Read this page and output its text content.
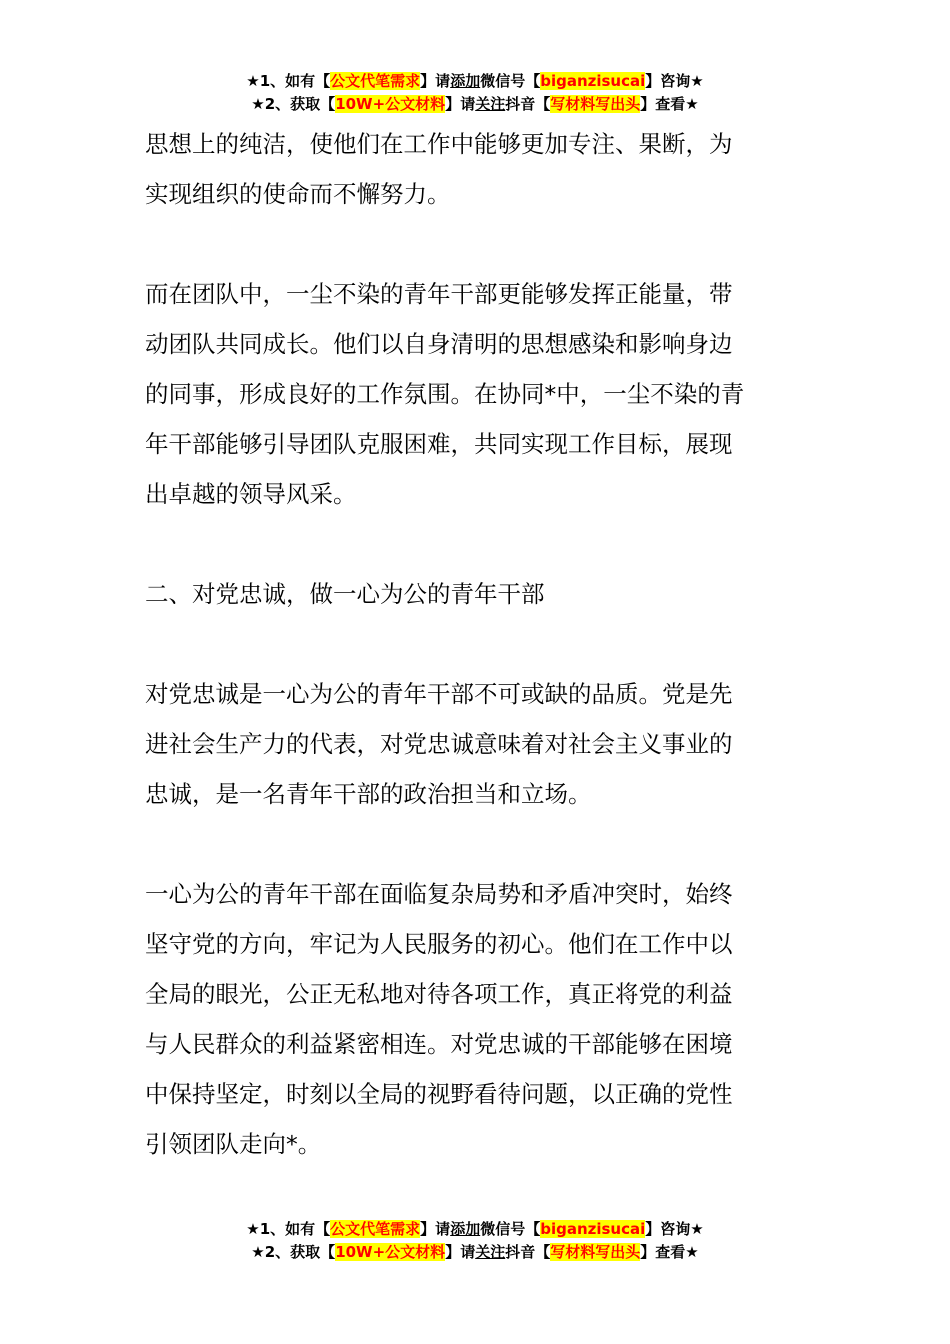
★1、如有【公文代笔需求】请添加微信号【biganzisucai】咨询★
★2、获取【10W+公文材料】请关注抖音【写材料写出头】查看★
思想上的纯洁，使他们在工作中能够更加专注、果断，为
实现组织的使命而不懈努力。
而在团队中，一尘不染的青年干部更能够发挥正能量，带
动团队共同成长。他们以自身清明的思想感染和影响身边
的同事，形成良好的工作氛围。在协同*中，一尘不染的青
年干部能够引导团队克服困难，共同实现工作目标，展现
出卓越的领导风采。
二、对党忠诚，做一心为公的青年干部
对党忠诚是一心为公的青年干部不可或缺的品质。党是先
进社会生产力的代表，对党忠诚意味着对社会主义事业的
忠诚，是一名青年干部的政治担当和立场。
一心为公的青年干部在面临复杂局势和矛盾冲突时，始终
坚守党的方向，牢记为人民服务的初心。他们在工作中以
全局的眼光，公正无私地对待各项工作，真正将党的利益
与人民群众的利益紧密相连。对党忠诚的干部能够在困境
中保持坚定，时刻以全局的视野看待问题，以正确的党性
引领团队走向*。
★1、如有【公文代笔需求】请添加微信号【biganzisucai】咨询★
★2、获取【10W+公文材料】请关注抖音【写材料写出头】查看★
